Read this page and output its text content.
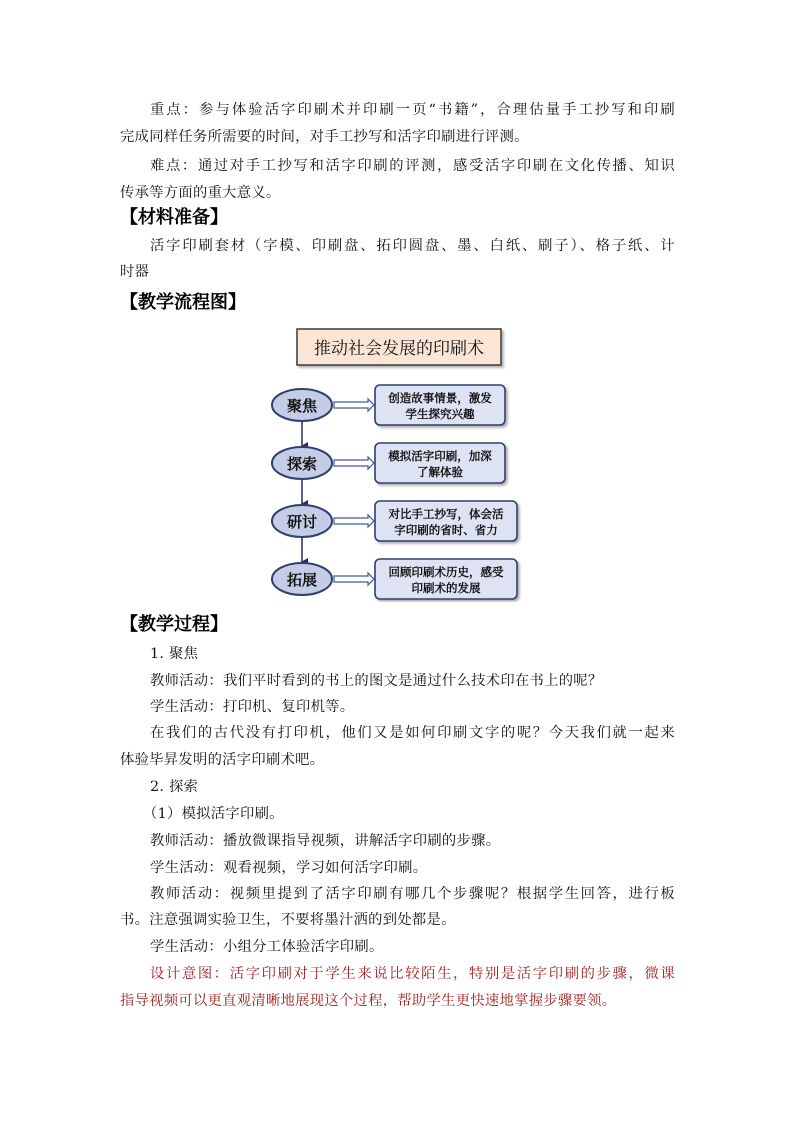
重点：参与体验活字印刷术并印刷一页“书籍”，合理估量手工抄写和印刷
完成同样任务所需要的时间，对手工抄写和活字印刷进行评测。
难点：通过对手工抄写和活字印刷的评测，感受活字印刷在文化传播、知识
传承等方面的重大意义。
【材料准备】
活字印刷套材（字模、印刷盘、拓印圆盘、墨、白纸、刷子）、格子纸、计
时器
【教学流程图】
推动社会发展的印刷术
聚焦	创造故事情景，激发
学生探究兴趣
探索	模拟活字印刷，加深
了解体验
研讨	对比手工抄写，体会活
字印刷的省时、省力
拓展	回顾印刷术历史，感受
印刷术的发展
【教学过程】
1. 聚焦
教师活动：我们平时看到的书上的图文是通过什么技术印在书上的呢？
学生活动：打印机、复印机等。
在我们的古代没有打印机，他们又是如何印刷文字的呢？今天我们就一起来
体验毕昇发明的活字印刷术吧。
2. 探索
（1）模拟活字印刷。
教师活动：播放微课指导视频，讲解活字印刷的步骤。
学生活动：观看视频，学习如何活字印刷。
教师活动：视频里提到了活字印刷有哪几个步骤呢？根据学生回答，进行板
书。注意强调实验卫生，不要将墨汁洒的到处都是。
学生活动：小组分工体验活字印刷。
设计意图：活字印刷对于学生来说比较陌生，特别是活字印刷的步骤，微课
指导视频可以更直观清晰地展现这个过程，帮助学生更快速地掌握步骤要领。
